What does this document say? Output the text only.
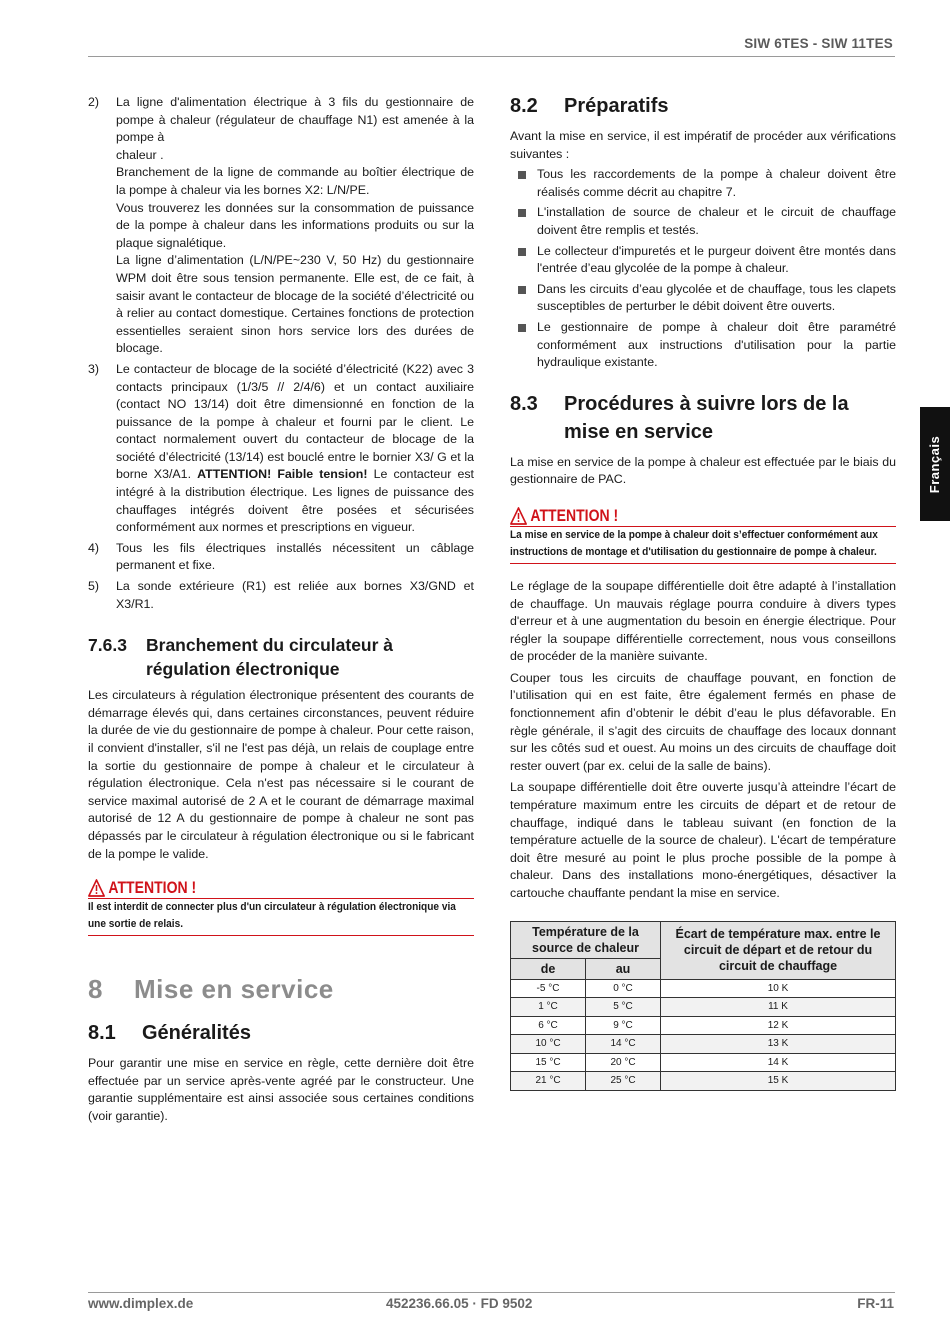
SIW 6TES - SIW 11TES
Français
2)	La ligne d'alimentation électrique à 3 fils du gestionnaire de pompe à chaleur (régulateur de chauffage N1) est amenée à la pompe à

chaleur .

Branchement de la ligne de commande au boîtier électrique de la pompe à chaleur via les bornes X2: L/N/PE.

Vous trouverez les données sur la consommation de puissance de la pompe à chaleur dans les informations produits ou sur la plaque signalétique.

La ligne d’alimentation (L/N/PE~230 V, 50 Hz) du gestionnaire WPM doit être sous tension permanente. Elle est, de ce fait, à saisir avant le contacteur de blocage de la société d’électricité ou à relier au contact domestique. Certaines fonctions de protection essentielles seraient sinon hors service lors des durées de blocage.

3)	Le contacteur de blocage de la société d’électricité (K22) avec 3 contacts principaux (1/3/5 // 2/4/6) et un contact auxiliaire (contact NO 13/14) doit être dimensionné en fonction de la puissance de la pompe à chaleur et fourni par le client. Le contact normalement ouvert du contacteur de blocage de la société d’électricité (13/14) est bouclé entre le bornier X3/ G et la borne X3/A1. ATTENTION! Faible tension! Le contacteur est intégré à la distribution électrique. Les lignes de puissance des chauffages intégrés doivent être posées et sécurisées conformément aux normes et prescriptions en vigueur.

4)	Tous les fils électriques installés nécessitent un câblage permanent et fixe.

5)	La sonde extérieure (R1) est reliée aux bornes X3/GND et X3/R1.

7.6.3	Branchement du circulateur à régulation électronique

Les circulateurs à régulation électronique présentent des courants de démarrage élevés qui, dans certaines circonstances, peuvent réduire la durée de vie du gestionnaire de pompe à chaleur. Pour cette raison, il convient d'installer, s'il ne l'est pas déjà, un relais de couplage entre la sortie du gestionnaire de pompe à chaleur et le circulateur à régulation électronique. Cela n'est pas nécessaire si le courant de service maximal autorisé de 2 A et le courant de démarrage maximal autorisé de 12 A du gestionnaire de pompe à chaleur ne sont pas dépassés par le circulateur à régulation électronique ou si le fabricant de la pompe le valide.

ATTENTION !
Il est interdit de connecter plus d'un circulateur à régulation électronique via une sortie de relais.
8	Mise en service
8.1	Généralités

Pour garantir une mise en service en règle, cette dernière doit être effectuée par un service après-vente agréé par le constructeur. Une garantie supplémentaire est ainsi associée sous certaines conditions (voir garantie).

8.2	Préparatifs

Avant la mise en service, il est impératif de procéder aux vérifications suivantes :

Tous les raccordements de la pompe à chaleur doivent être réalisés comme décrit au chapitre 7.
L'installation de source de chaleur et le circuit de chauffage doivent être remplis et testés.
Le collecteur d'impuretés et le purgeur doivent être montés dans l'entrée d’eau glycolée de la pompe à chaleur.
Dans les circuits d’eau glycolée et de chauffage, tous les clapets susceptibles de perturber le débit doivent être ouverts.
Le gestionnaire de pompe à chaleur doit être paramétré conformément aux instructions d'utilisation pour la partie hydraulique existante.
8.3	Procédures à suivre lors de la mise en service

La mise en service de la pompe à chaleur est effectuée par le biais du gestionnaire de PAC.

ATTENTION !
La mise en service de la pompe à chaleur doit s’effectuer conformément aux instructions de montage et d'utilisation du gestionnaire de pompe à chaleur.

Le réglage de la soupape différentielle doit être adapté à l’installation de chauffage. Un mauvais réglage pourra conduire à divers types d'erreur et à une augmentation du besoin en énergie électrique. Pour régler la soupape différentielle correctement, nous vous conseillons de procéder de la manière suivante.

Couper tous les circuits de chauffage pouvant, en fonction de l’utilisation qui en est faite, être également fermés en phase de fonctionnement afin d’obtenir le débit d’eau le plus défavorable. En règle générale, il s’agit des circuits de chauffage des locaux donnant sur les côtés sud et ouest. Au moins un des circuits de chauffage doit rester ouvert (par ex. celui de la salle de bains).

La soupape différentielle doit être ouverte jusqu’à atteindre l’écart de température maximum entre les circuits de départ et de retour de chauffage, indiqué dans le tableau suivant (en fonction de la température actuelle de la source de chaleur). L'écart de température doit être mesuré au point le plus proche possible de la pompe à chaleur. Dans des installations mono-énergétiques, désactiver la cartouche chauffante pendant la mise en service.

Température de la source de chaleur		Écart de température max. entre le circuit de départ et de retour du circuit de chauffage
de	au	
-5 °C	0 °C	10 K
1 °C	5 °C	11 K
6 °C	9 °C	12 K
10 °C	14 °C	13 K
15 °C	20 °C	14 K
21 °C	25 °C	15 K
www.dimplex.de	452236.66.05 · FD 9502	FR-11
